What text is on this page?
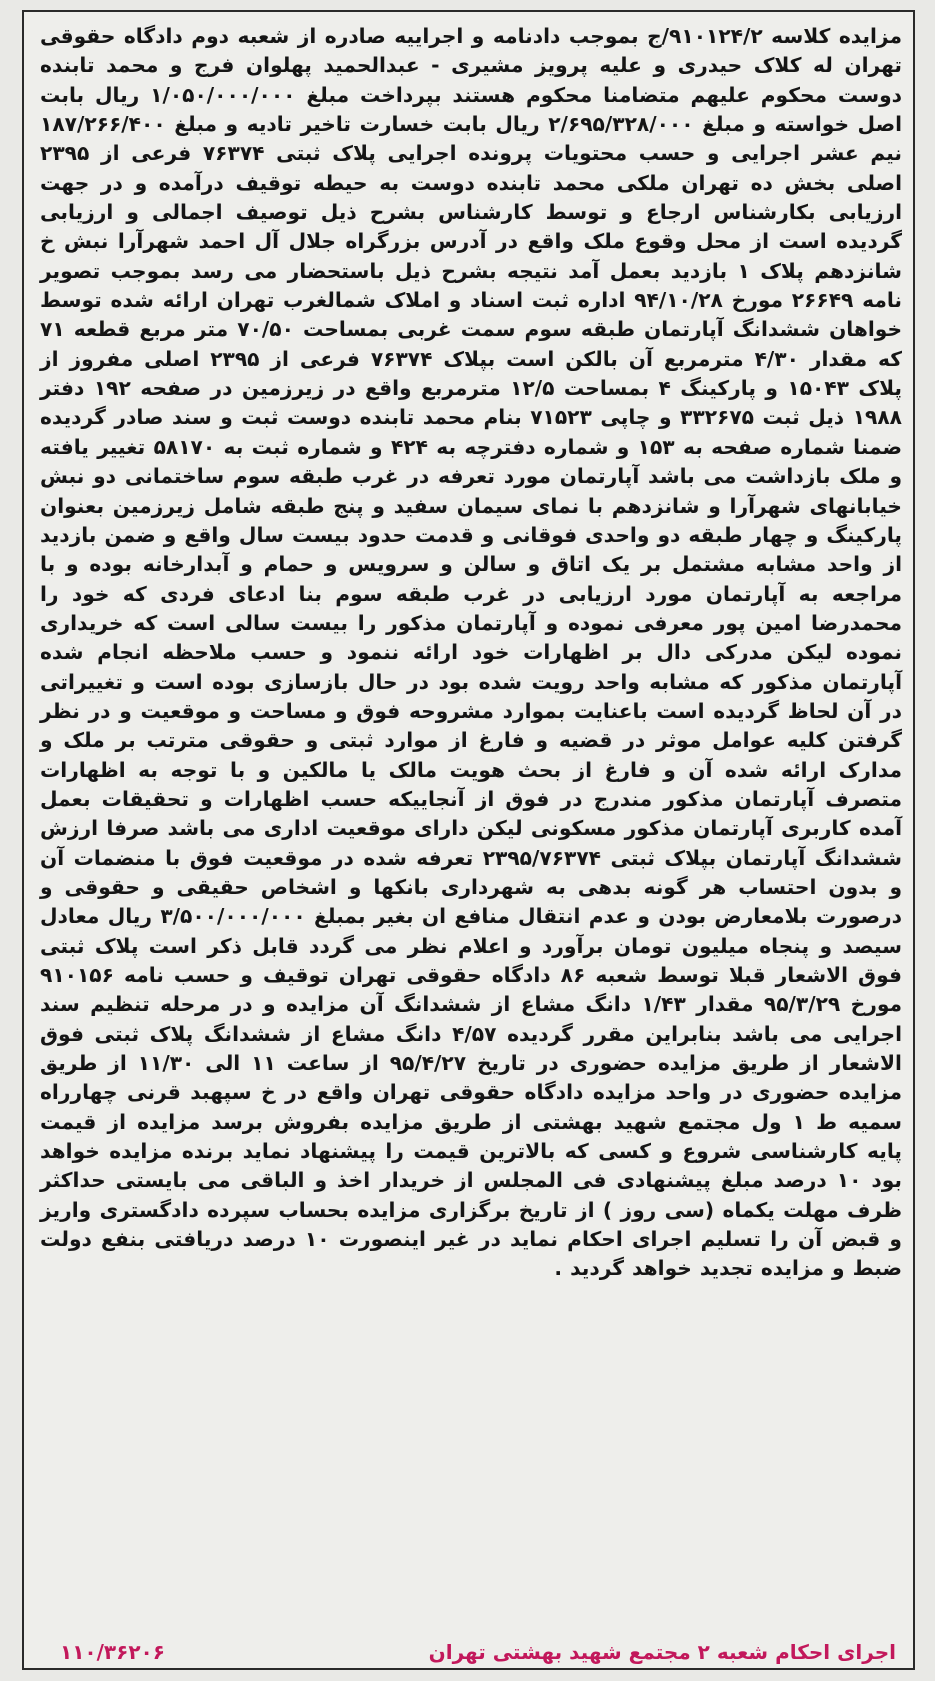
مزایده کلاسه ۹۱۰۱۲۴/۲/ج بموجب دادنامه و اجراییه صادره از شعبه دوم دادگاه حقوقی تهران له کلاک حیدری و علیه پرویز مشیری - عبدالحمید پهلوان فرج و محمد تابنده دوست محکوم علیهم متضامنا محکوم هستند بپرداخت مبلغ ۱/۰۵۰/۰۰۰/۰۰۰ ریال بابت اصل خواسته و مبلغ ۲/۶۹۵/۳۲۸/۰۰۰ ریال بابت خسارت تاخیر تادیه و مبلغ ۱۸۷/۲۶۶/۴۰۰ نیم عشر اجرایی و حسب محتویات پرونده اجرایی پلاک ثبتی ۷۶۳۷۴ فرعی از ۲۳۹۵ اصلی بخش ده تهران ملکی محمد تابنده دوست به حیطه توقیف درآمده و در جهت ارزیابی بکارشناس ارجاع و توسط کارشناس بشرح ذیل توصیف اجمالی و ارزیابی گردیده است از محل وقوع ملک واقع در آدرس بزرگراه جلال آل احمد شهرآرا نبش خ شانزدهم پلاک ۱ بازدید بعمل آمد نتیجه بشرح ذیل باستحضار می رسد بموجب تصویر نامه ۲۶۶۴۹ مورخ ۹۴/۱۰/۲۸ اداره ثبت اسناد و املاک شمالغرب تهران ارائه شده توسط خواهان ششدانگ آپارتمان طبقه سوم سمت غربی بمساحت ۷۰/۵۰ متر مربع قطعه ۷۱ که مقدار ۴/۳۰ مترمربع آن بالکن است بپلاک ۷۶۳۷۴ فرعی از ۲۳۹۵ اصلی مفروز از پلاک ۱۵۰۴۳ و پارکینگ ۴ بمساحت ۱۲/۵ مترمربع واقع در زیرزمین در صفحه ۱۹۲ دفتر ۱۹۸۸ ذیل ثبت ۳۳۲۶۷۵ و چاپی ۷۱۵۲۳ بنام محمد تابنده دوست ثبت و سند صادر گردیده ضمنا شماره صفحه به ۱۵۳ و شماره دفترچه به ۴۲۴ و شماره ثبت به ۵۸۱۷۰ تغییر یافته و ملک بازداشت می باشد آپارتمان مورد تعرفه در غرب طبقه سوم ساختمانی دو نبش خیابانهای شهرآرا و شانزدهم با نمای سیمان سفید و پنج طبقه شامل زیرزمین بعنوان پارکینگ و چهار طبقه دو واحدی فوقانی و قدمت حدود بیست سال واقع و ضمن بازدید از واحد مشابه مشتمل بر یک اتاق و سالن و سرویس و حمام و آبدارخانه بوده و با مراجعه به آپارتمان مورد ارزیابی در غرب طبقه سوم بنا ادعای فردی که خود را محمدرضا امین پور معرفی نموده و آپارتمان مذکور را بیست سالی است که خریداری نموده لیکن مدرکی دال بر اظهارات خود ارائه ننمود و حسب ملاحظه انجام شده آپارتمان مذکور که مشابه واحد رویت شده بود در حال بازسازی بوده است و تغییراتی در آن لحاظ گردیده است باعنایت بموارد مشروحه فوق و مساحت و موقعیت و در نظر گرفتن کلیه عوامل موثر در قضیه و فارغ از موارد ثبتی و حقوقی مترتب بر ملک و مدارک ارائه شده آن و فارغ از بحث هویت مالک یا مالکین و با توجه به اظهارات متصرف آپارتمان مذکور مندرج در فوق از آنجاییکه حسب اظهارات و تحقیقات بعمل آمده کاربری آپارتمان مذکور مسکونی لیکن دارای موقعیت اداری می باشد صرفا ارزش ششدانگ آپارتمان بپلاک ثبتی ۲۳۹۵/۷۶۳۷۴ تعرفه شده در موقعیت فوق با منضمات آن و بدون احتساب هر گونه بدهی به شهرداری بانکها و اشخاص حقیقی و حقوقی و درصورت بلامعارض بودن و عدم انتقال منافع ان بغیر بمبلغ ۳/۵۰۰/۰۰۰/۰۰۰ ریال معادل سیصد و پنجاه میلیون تومان برآورد و اعلام نظر می گردد قابل ذکر است پلاک ثبتی فوق الاشعار قبلا توسط شعبه ۸۶ دادگاه حقوقی تهران توقیف و حسب نامه ۹۱۰۱۵۶ مورخ ۹۵/۳/۲۹ مقدار ۱/۴۳ دانگ مشاع از ششدانگ آن مزایده و در مرحله تنظیم سند اجرایی می باشد بنابراین مقرر گردیده ۴/۵۷ دانگ مشاع از ششدانگ پلاک ثبتی فوق الاشعار از طریق مزایده حضوری در تاریخ ۹۵/۴/۲۷ از ساعت ۱۱ الی ۱۱/۳۰ از طریق مزایده حضوری در واحد مزایده دادگاه حقوقی تهران واقع در خ سپهبد قرنی چهارراه سمیه ط ۱ ول مجتمع شهید بهشتی از طریق مزایده بفروش برسد مزایده از قیمت پایه کارشناسی شروع و کسی که بالاترین قیمت را پیشنهاد نماید برنده مزایده خواهد بود ۱۰ درصد مبلغ پیشنهادی فی المجلس از خریدار اخذ و الباقی می بایستی حداکثر ظرف مهلت یکماه (سی روز ) از تاریخ برگزاری مزایده بحساب سپرده دادگستری واریز و قبض آن را تسلیم اجرای احکام نماید در غیر اینصورت ۱۰ درصد دریافتی بنفع دولت ضبط و مزایده تجدید خواهد گردید .
اجرای احکام شعبه ۲ مجتمع شهید بهشتی تهران
۱۱۰/۳۶۲۰۶
